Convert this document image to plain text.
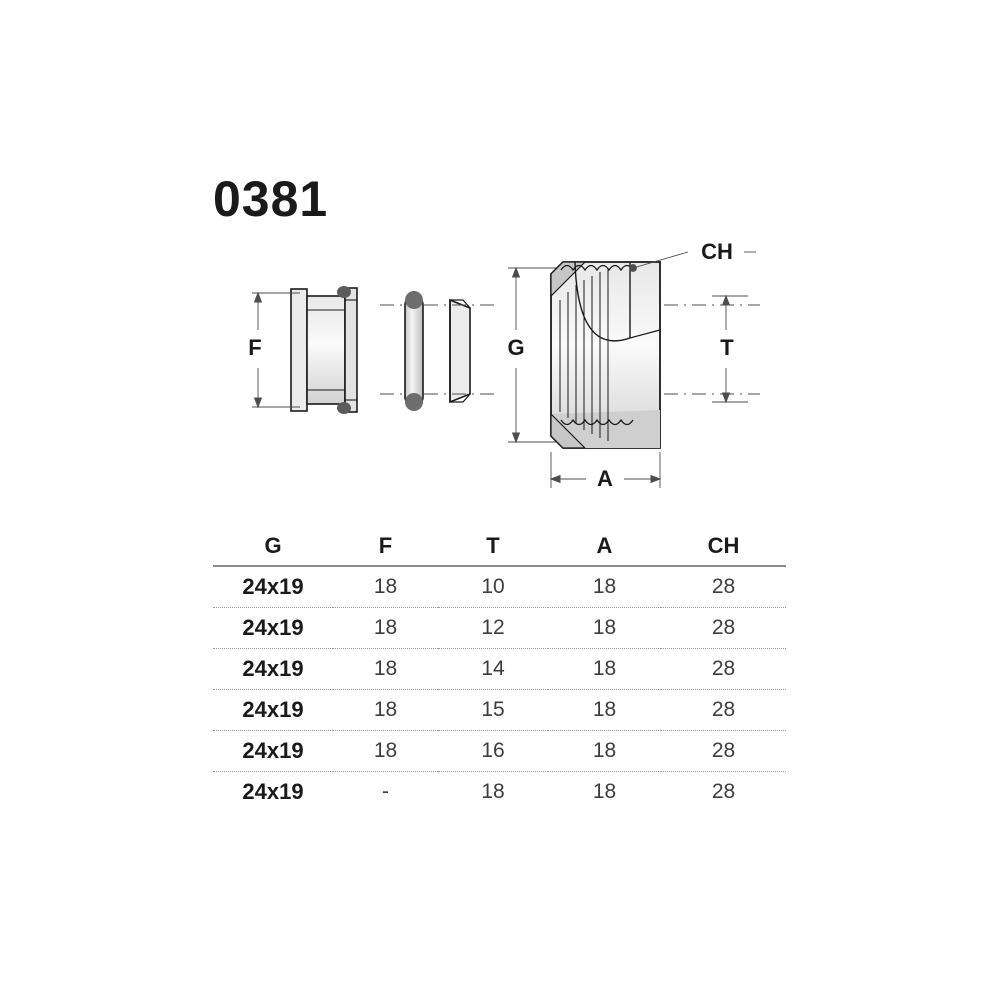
0381
F	G	T
A
CH
G	F	T	A	CH
24x19	18	10	18	28
24x19	18	12	18	28
24x19	18	14	18	28
24x19	18	15	18	28
24x19	18	16	18	28
24x19	-	18	18	28
